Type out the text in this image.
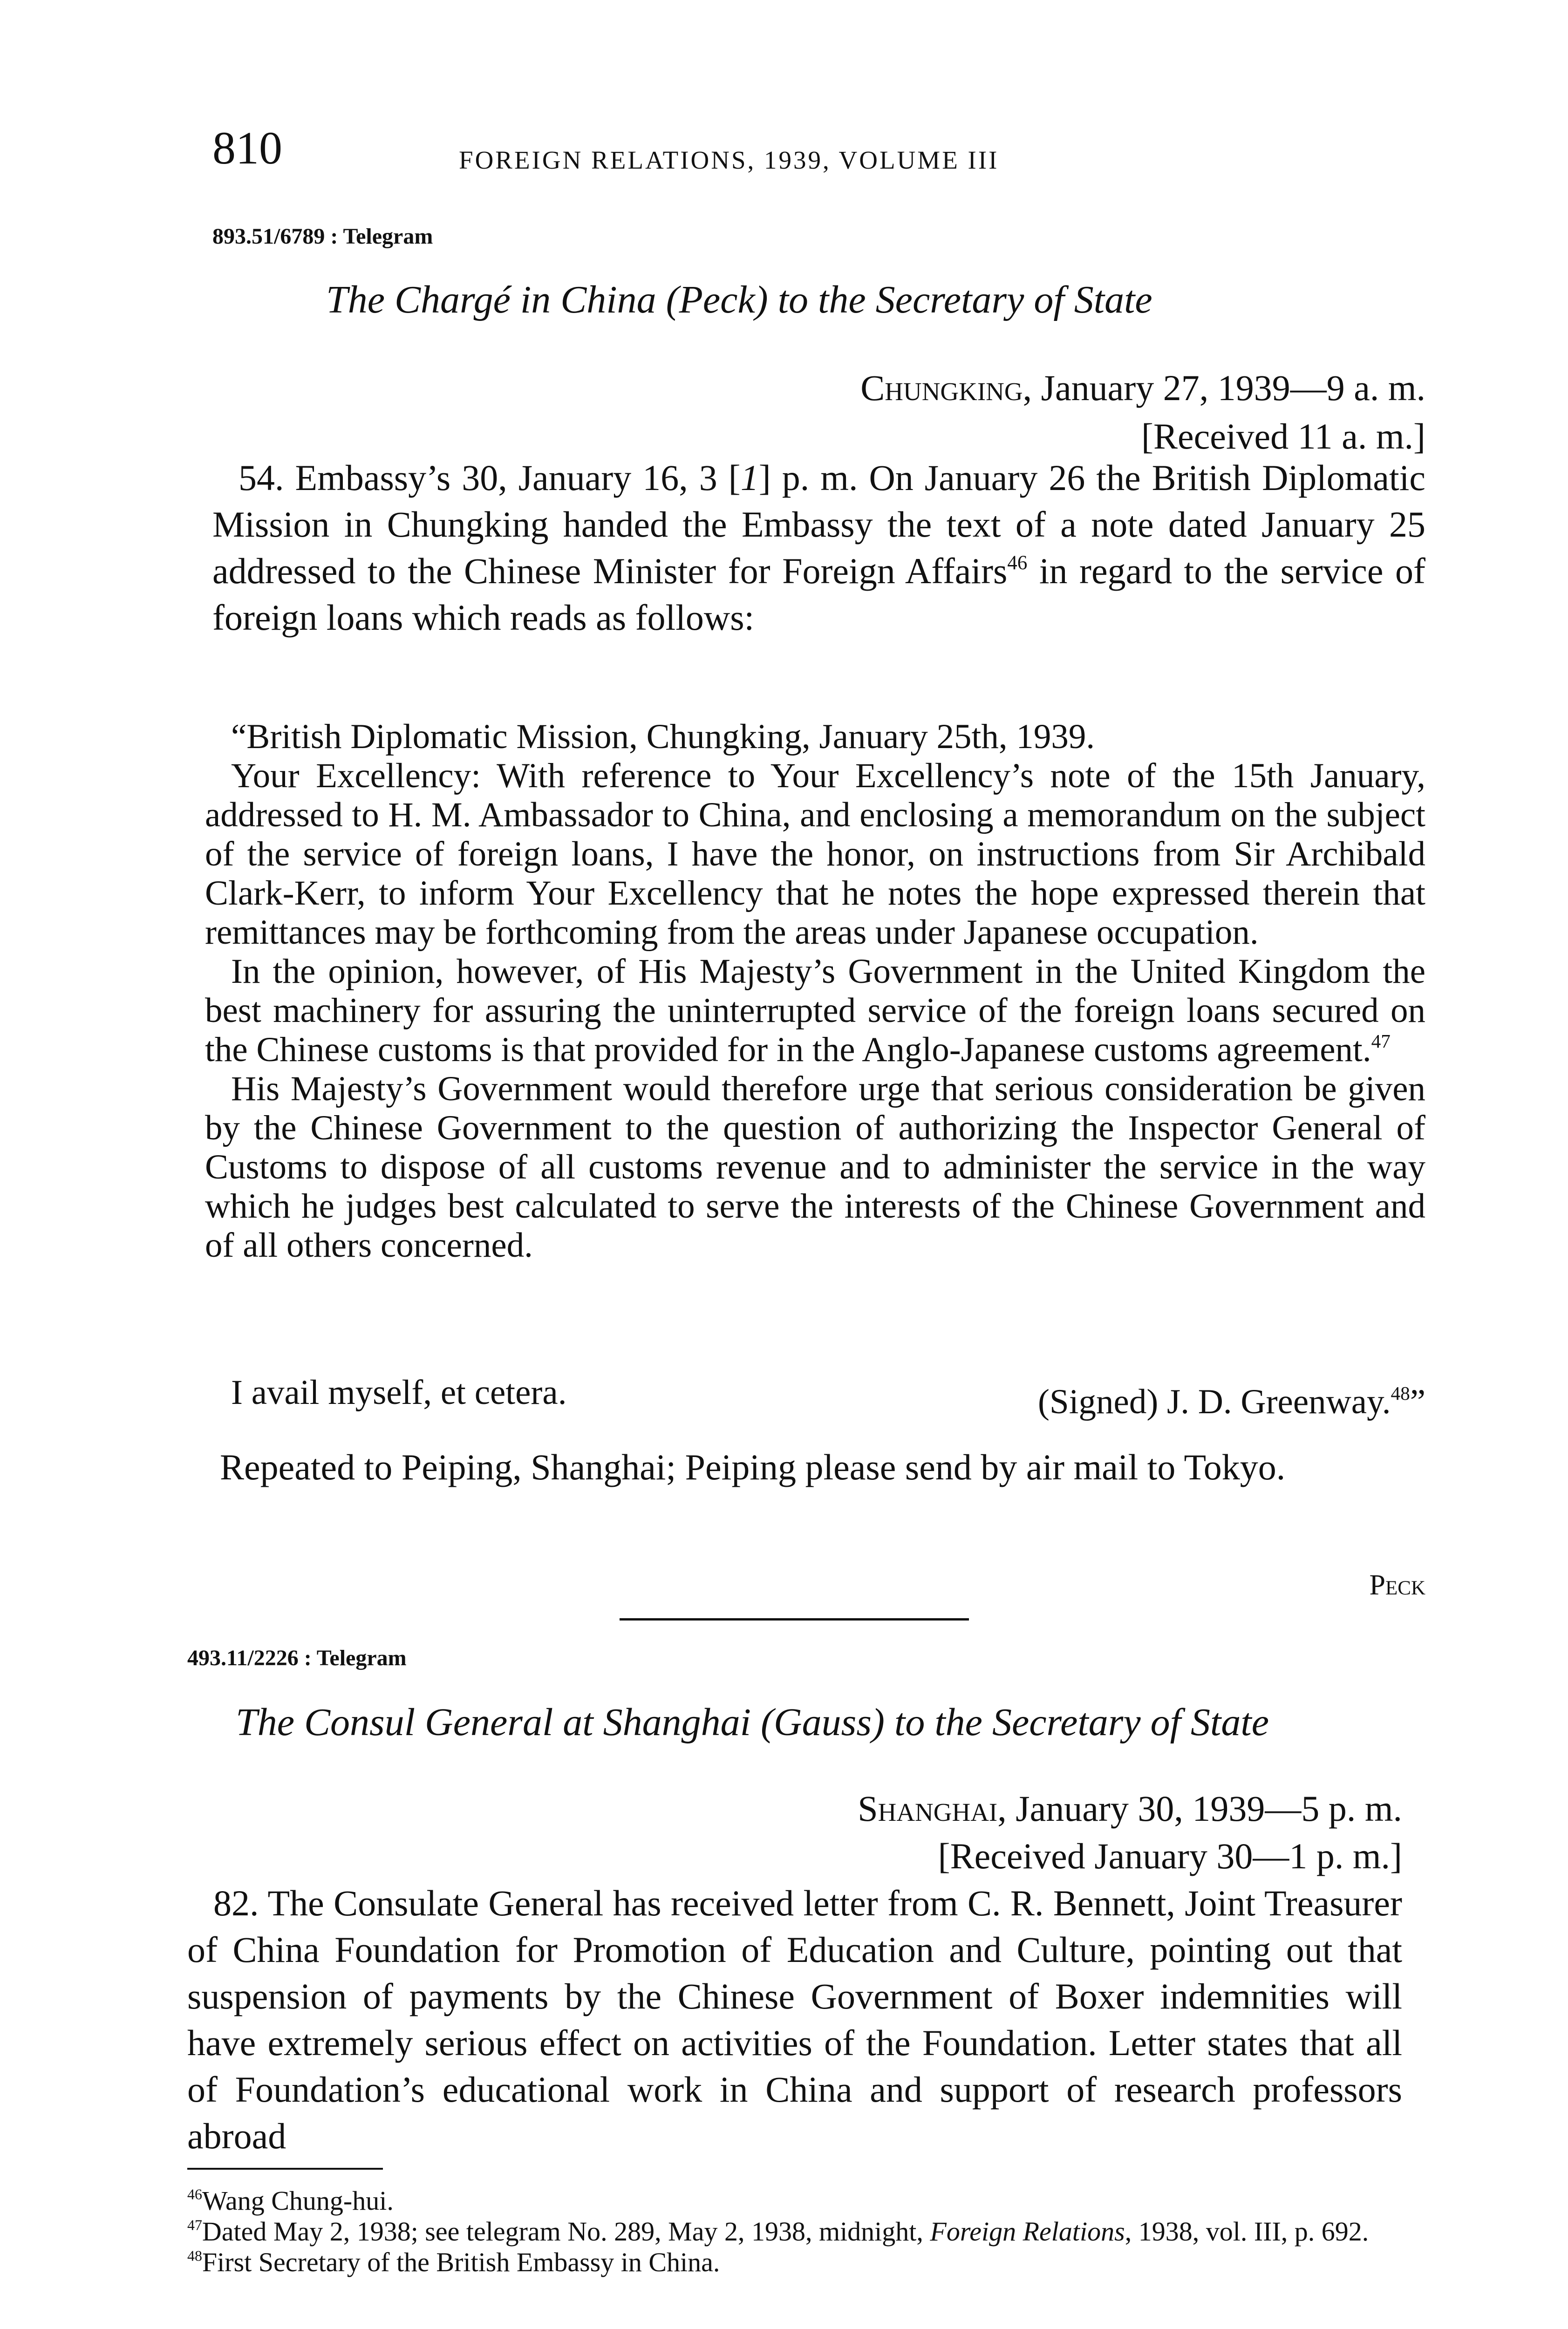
810	FOREIGN RELATIONS, 1939, VOLUME III
893.51/6789 : Telegram
The Chargé in China (Peck) to the Secretary of State
Chungking, January 27, 1939—9 a. m.
[Received 11 a. m.]

54. Embassy’s 30, January 16, 3 [1] p. m. On January 26 the British Diplomatic Mission in Chungking handed the Embassy the text of a note dated January 25 addressed to the Chinese Minister for Foreign Affairs$^{46}$ in regard to the service of foreign loans which reads as follows:

“British Diplomatic Mission, Chungking, January 25th, 1939.

Your Excellency: With reference to Your Excellency’s note of the 15th January, addressed to H. M. Ambassador to China, and enclosing a memorandum on the subject of the service of foreign loans, I have the honor, on instructions from Sir Archibald Clark-Kerr, to inform Your Excellency that he notes the hope expressed therein that remittances may be forthcoming from the areas under Japanese occupation.

In the opinion, however, of His Majesty’s Government in the United Kingdom the best machinery for assuring the uninterrupted service of the foreign loans secured on the Chinese customs is that provided for in the Anglo-Japanese customs agreement.$^{47}$

His Majesty’s Government would therefore urge that serious consideration be given by the Chinese Government to the question of authorizing the Inspector General of Customs to dispose of all customs revenue and to administer the service in the way which he judges best calculated to serve the interests of the Chinese Government and of all others concerned.

I avail myself, et cetera.	(Signed) J. D. Greenway.$^{48}$”

Repeated to Peiping, Shanghai; Peiping please send by air mail to Tokyo.

Peck
493.11/2226 : Telegram
The Consul General at Shanghai (Gauss) to the Secretary of State
Shanghai, January 30, 1939—5 p. m.
[Received January 30—1 p. m.]

82. The Consulate General has received letter from C. R. Bennett, Joint Treasurer of China Foundation for Promotion of Education and Culture, pointing out that suspension of payments by the Chinese Government of Boxer indemnities will have extremely serious effect on activities of the Foundation. Letter states that all of Foundation’s educational work in China and support of research professors abroad

$^{46}$Wang Chung-hui.

$^{47}$Dated May 2, 1938; see telegram No. 289, May 2, 1938, midnight, Foreign Relations, 1938, vol. III, p. 692.

$^{48}$First Secretary of the British Embassy in China.
